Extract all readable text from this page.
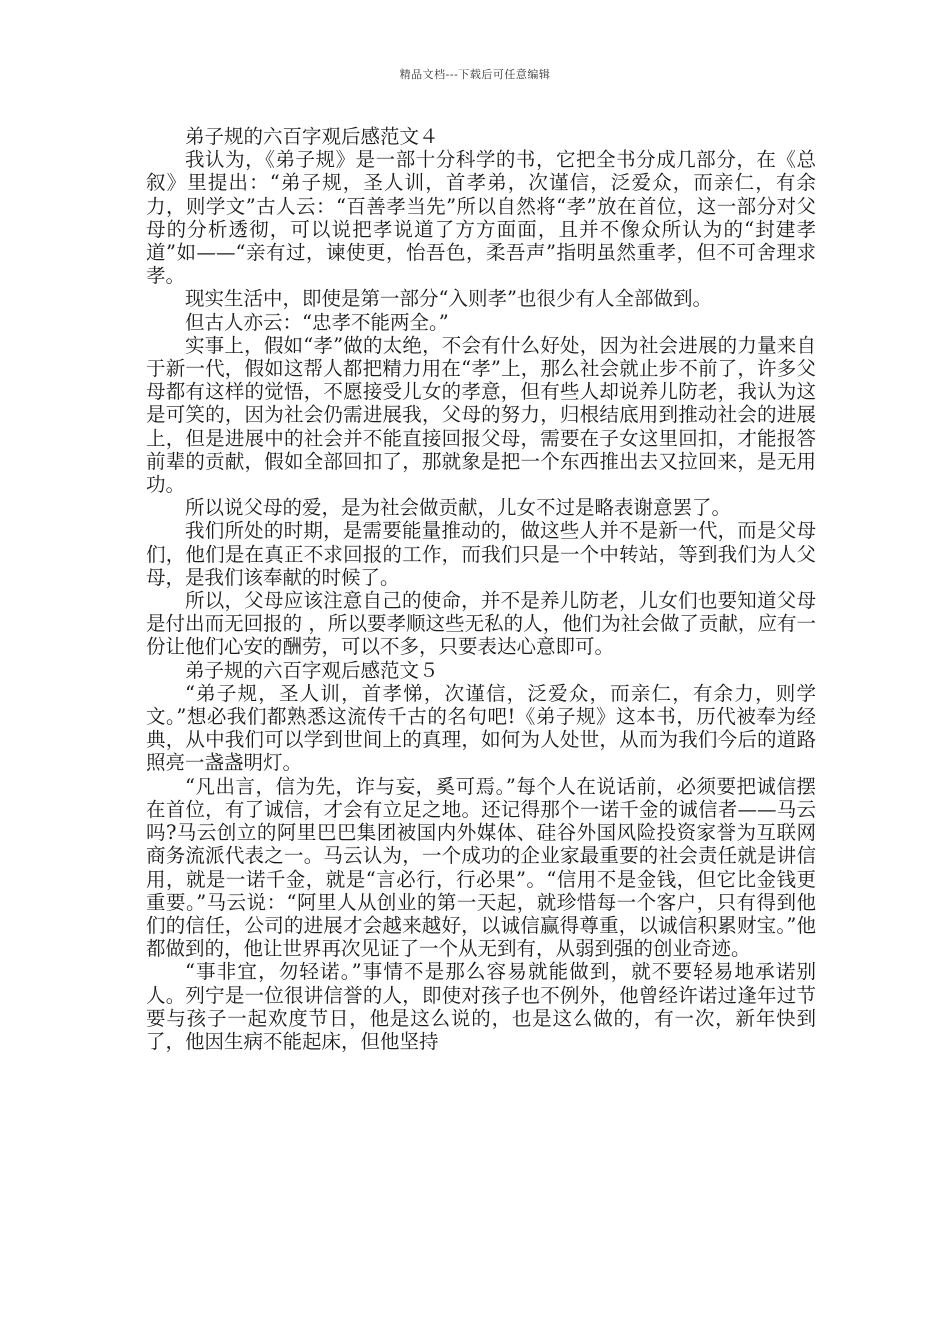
精品文档---下载后可任意编辑

弟子规的六百字观后感范文４

我认为，《弟子规》是一部十分科学的书，它把全书分成几部分，在《总叙》里提出：“弟子规，圣人训，首孝弟，次谨信，泛爱众，而亲仁，有余力，则学文”古人云：“百善孝当先”所以自然将“孝”放在首位，这一部分对父母的分析透彻，可以说把孝说道了方方面面，且并不像众所认为的“封建孝道”如——“亲有过，谏使更，怡吾色，柔吾声”指明虽然重孝，但不可舍理求孝。

现实生活中，即使是第一部分“入则孝”也很少有人全部做到。

但古人亦云：“忠孝不能两全。”

实事上，假如“孝”做的太绝，不会有什么好处，因为社会进展的力量来自于新一代，假如这帮人都把精力用在“孝”上，那么社会就止步不前了，许多父母都有这样的觉悟，不愿接受儿女的孝意，但有些人却说养儿防老，我认为这是可笑的，因为社会仍需进展我，父母的努力，归根结底用到推动社会的进展上，但是进展中的社会并不能直接回报父母，需要在子女这里回扣，才能报答前辈的贡献，假如全部回扣了，那就象是把一个东西推出去又拉回来，是无用功。

所以说父母的爱，是为社会做贡献，儿女不过是略表谢意罢了。

我们所处的时期，是需要能量推动的，做这些人并不是新一代，而是父母们，他们是在真正不求回报的工作，而我们只是一个中转站，等到我们为人父母，是我们该奉献的时候了。

所以，父母应该注意自己的使命，并不是养儿防老，儿女们也要知道父母是付出而无回报的 ，所以要孝顺这些无私的人，他们为社会做了贡献，应有一份让他们心安的酬劳，可以不多，只要表达心意即可。

弟子规的六百字观后感范文５

“弟子规，圣人训，首孝悌，次谨信，泛爱众，而亲仁，有余力，则学文。”想必我们都熟悉这流传千古的名句吧!《弟子规》这本书，历代被奉为经典，从中我们可以学到世间上的真理，如何为人处世，从而为我们今后的道路照亮一盏盏明灯。

“凡出言，信为先，诈与妄，奚可焉。”每个人在说话前，必须要把诚信摆在首位，有了诚信，才会有立足之地。还记得那个一诺千金的诚信者——马云吗?马云创立的阿里巴巴集团被国内外媒体、硅谷外国风险投资家誉为互联网商务流派代表之一。马云认为，一个成功的企业家最重要的社会责任就是讲信用，就是一诺千金，就是“言必行，行必果”。“信用不是金钱，但它比金钱更重要。”马云说：“阿里人从创业的第一天起，就珍惜每一个客户，只有得到他们的信任，公司的进展才会越来越好，以诚信赢得尊重，以诚信积累财宝。”他都做到的，他让世界再次见证了一个从无到有，从弱到强的创业奇迹。

“事非宜，勿轻诺。”事情不是那么容易就能做到，就不要轻易地承诺别人。列宁是一位很讲信誉的人，即使对孩子也不例外，他曾经许诺过逢年过节要与孩子一起欢度节日，他是这么说的，也是这么做的，有一次，新年快到了，他因生病不能起床，但他坚持
